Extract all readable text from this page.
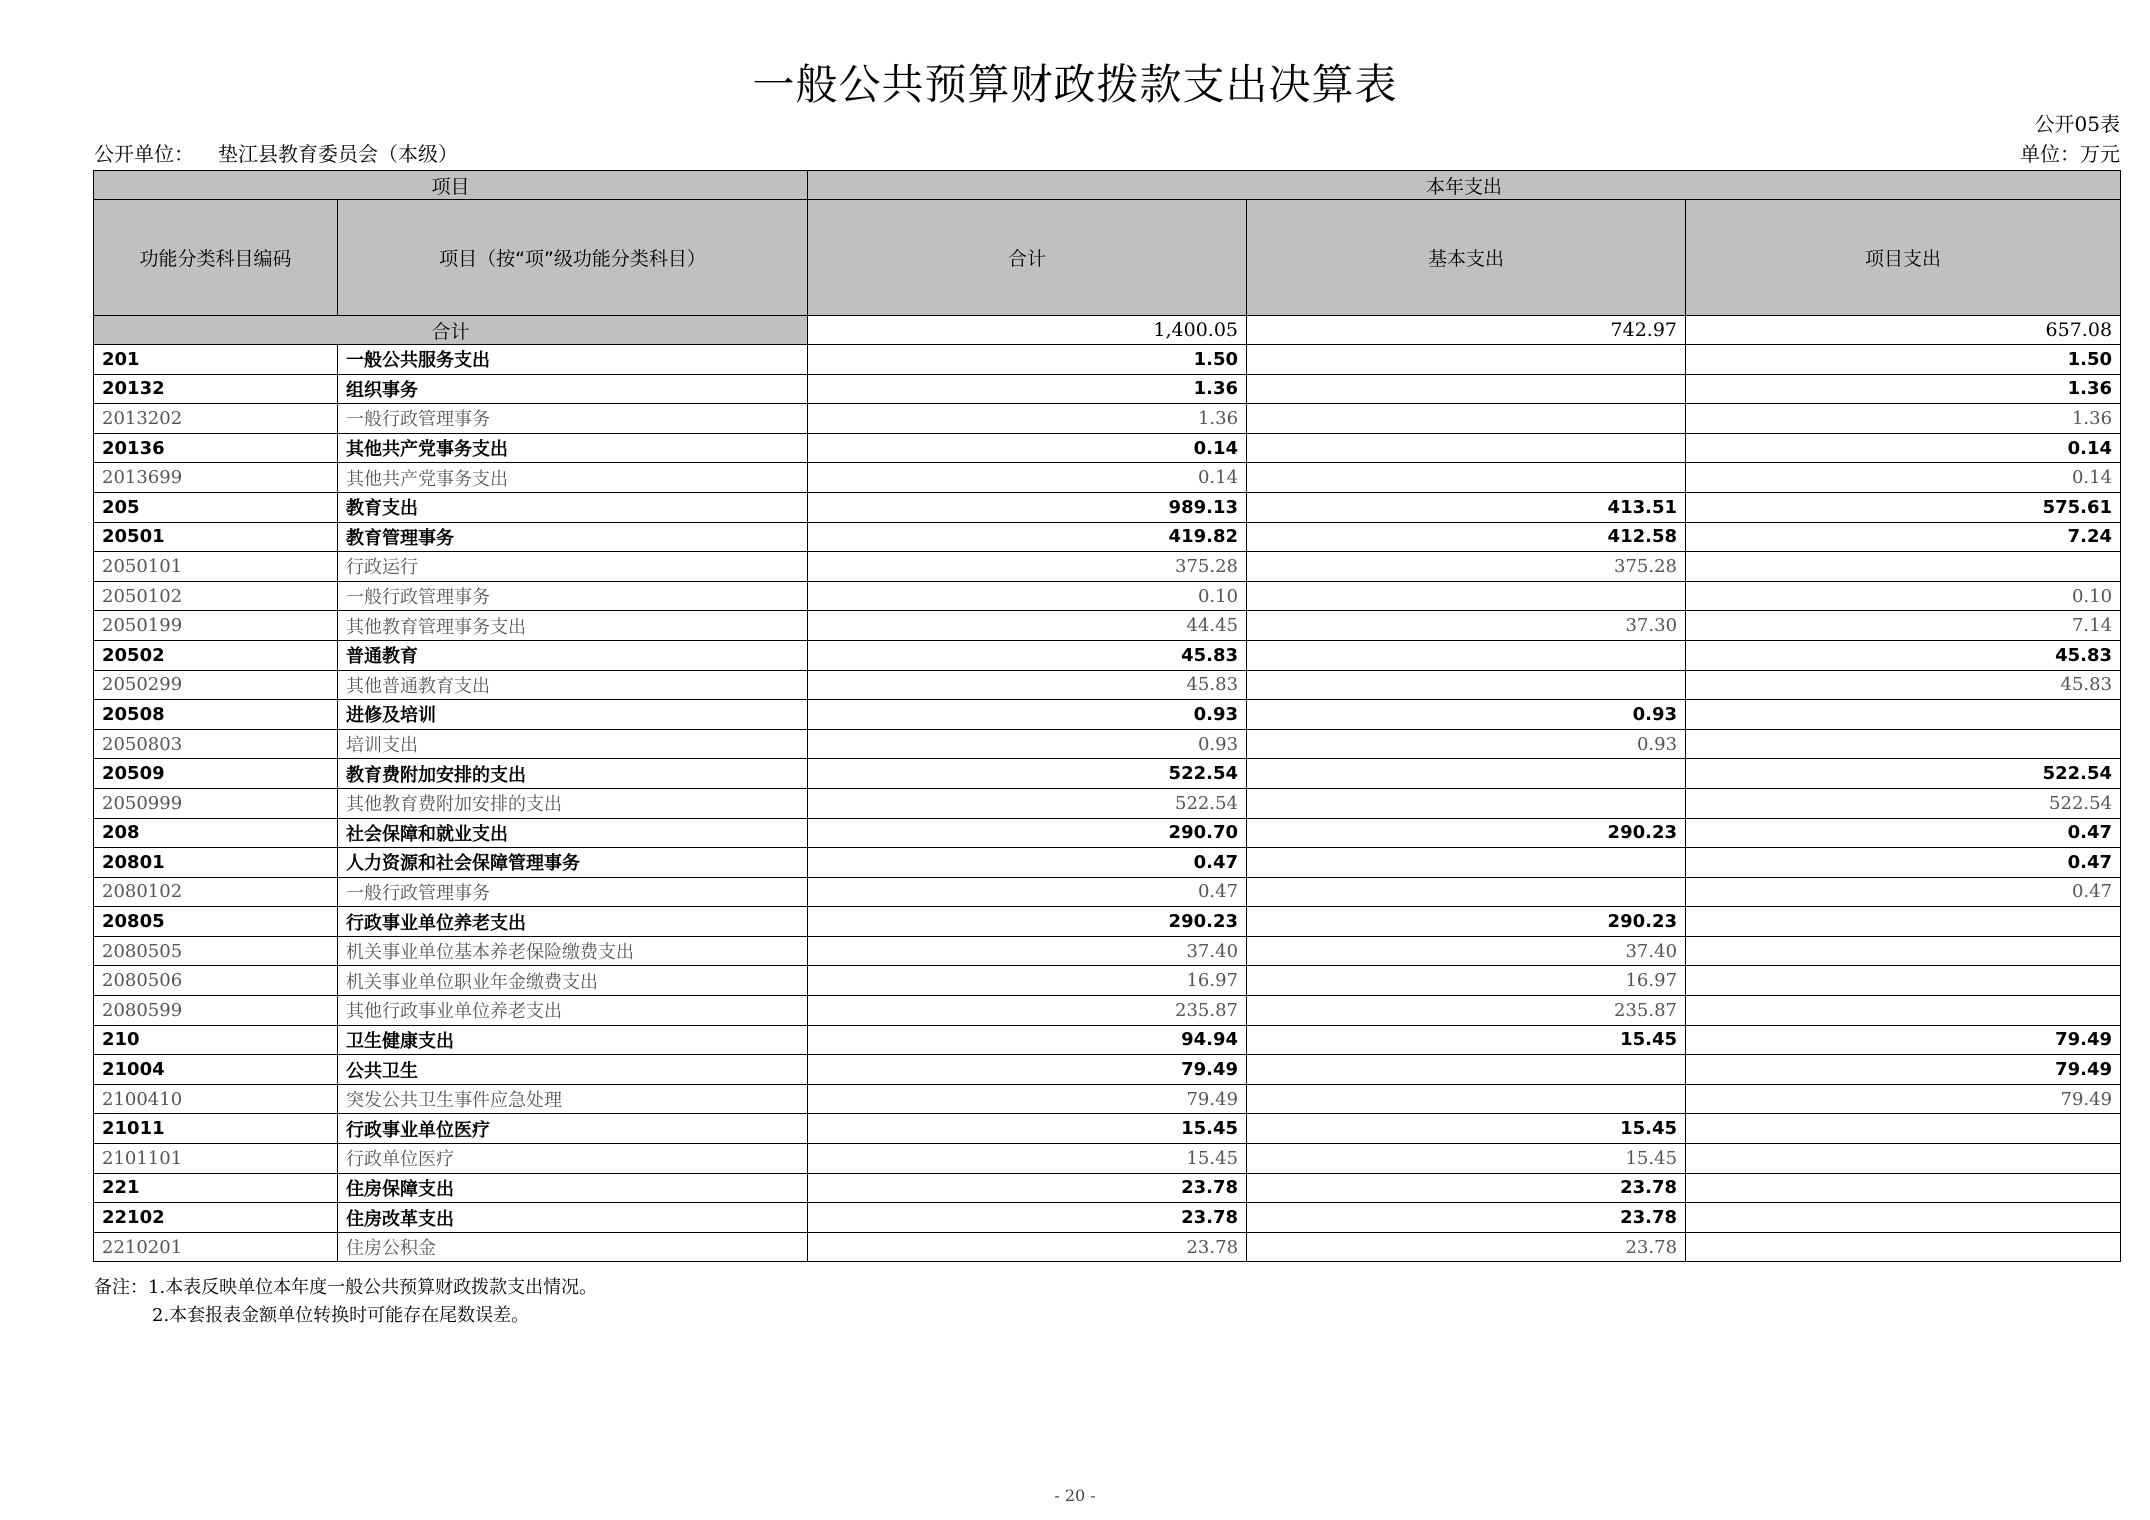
一般公共预算财政拨款支出决算表
公开05表
公开单位： 垫江县教育委员会（本级）	单位：万元
项目		本年支出		
功能分类科目编码	项目（按“项”级功能分类科目）	合计	基本支出	项目支出
合计		1,400.05	742.97	657.08
201	一般公共服务支出	1.50		1.50
20132	组织事务	1.36		1.36
2013202	一般行政管理事务	1.36		1.36
20136	其他共产党事务支出	0.14		0.14
2013699	其他共产党事务支出	0.14		0.14
205	教育支出	989.13	413.51	575.61
20501	教育管理事务	419.82	412.58	7.24
2050101	行政运行	375.28	375.28	
2050102	一般行政管理事务	0.10		0.10
2050199	其他教育管理事务支出	44.45	37.30	7.14
20502	普通教育	45.83		45.83
2050299	其他普通教育支出	45.83		45.83
20508	进修及培训	0.93	0.93	
2050803	培训支出	0.93	0.93	
20509	教育费附加安排的支出	522.54		522.54
2050999	其他教育费附加安排的支出	522.54		522.54
208	社会保障和就业支出	290.70	290.23	0.47
20801	人力资源和社会保障管理事务	0.47		0.47
2080102	一般行政管理事务	0.47		0.47
20805	行政事业单位养老支出	290.23	290.23	
2080505	机关事业单位基本养老保险缴费支出	37.40	37.40	
2080506	机关事业单位职业年金缴费支出	16.97	16.97	
2080599	其他行政事业单位养老支出	235.87	235.87	
210	卫生健康支出	94.94	15.45	79.49
21004	公共卫生	79.49		79.49
2100410	突发公共卫生事件应急处理	79.49		79.49
21011	行政事业单位医疗	15.45	15.45	
2101101	行政单位医疗	15.45	15.45	
221	住房保障支出	23.78	23.78	
22102	住房改革支出	23.78	23.78	
2210201	住房公积金	23.78	23.78	
备注：1.本表反映单位本年度一般公共预算财政拨款支出情况。
2.本套报表金额单位转换时可能存在尾数误差。
- 20 -
